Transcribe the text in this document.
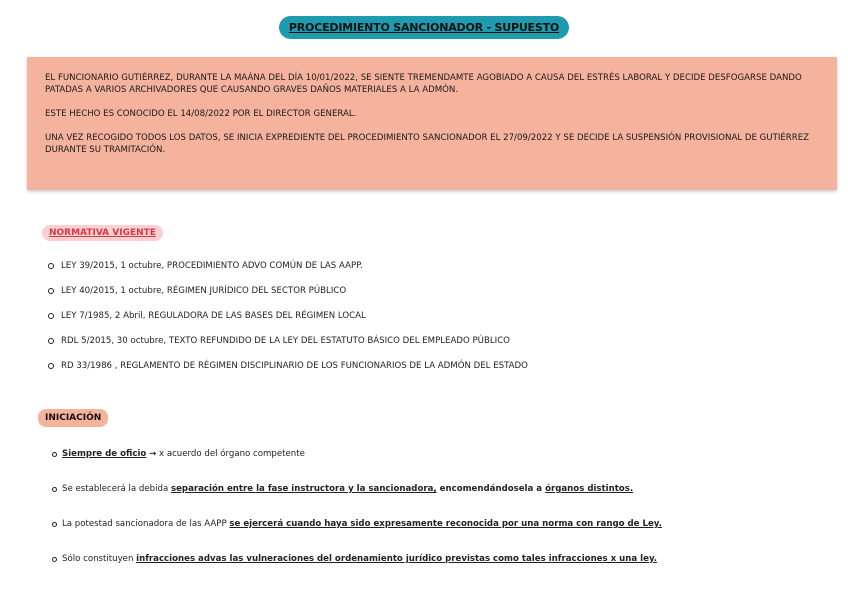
PROCEDIMIENTO SANCIONADOR - SUPUESTO

EL FUNCIONARIO GUTIÉRREZ, DURANTE LA MAÁNA DEL DÍA 10/01/2022, SE SIENTE TREMENDAMTE AGOBIADO A CAUSA DEL ESTRÉS LABORAL Y DECIDE DESFOGARSE DANDO PATADAS A VARIOS ARCHIVADORES QUE CAUSANDO GRAVES DAÑOS MATERIALES A LA ADMÓN.

ESTE HECHO ES CONOCIDO EL 14/08/2022 POR EL DIRECTOR GENERAL.

UNA VEZ RECOGIDO TODOS LOS DATOS, SE INICIA EXPREDIENTE DEL PROCEDIMIENTO SANCIONADOR EL 27/09/2022 Y SE DECIDE LA SUSPENSIÓN PROVISIONAL DE GUTIÉRREZ DURANTE SU TRAMITACIÓN.

NORMATIVA VIGENTE
LEY 39/2015, 1 octubre, PROCEDIMIENTO ADVO COMÚN DE LAS AAPP.
LEY 40/2015, 1 octubre, RÉGIMEN JURÍDICO DEL SECTOR PÚBLICO
LEY 7/1985, 2 Abril, REGULADORA DE LAS BASES DEL RÉGIMEN LOCAL
RDL 5/2015, 30 octubre, TEXTO REFUNDIDO DE LA LEY DEL ESTATUTO BÁSICO DEL EMPLEADO PÚBLICO
RD 33/1986 , REGLAMENTO DE RÉGIMEN DISCIPLINARIO DE LOS FUNCIONARIOS DE LA ADMÓN DEL ESTADO
INICIACIÓN
Siempre de oficio → x acuerdo del órgano competente
Se establecerá la debida separación entre la fase instructora y la sancionadora, encomendándosela a órganos distintos.
La potestad sancionadora de las AAPP se ejercerá cuando haya sido expresamente reconocida por una norma con rango de Ley.
Sólo constituyen infracciones advas las vulneraciones del ordenamiento jurídico previstas como tales infracciones x una ley.
